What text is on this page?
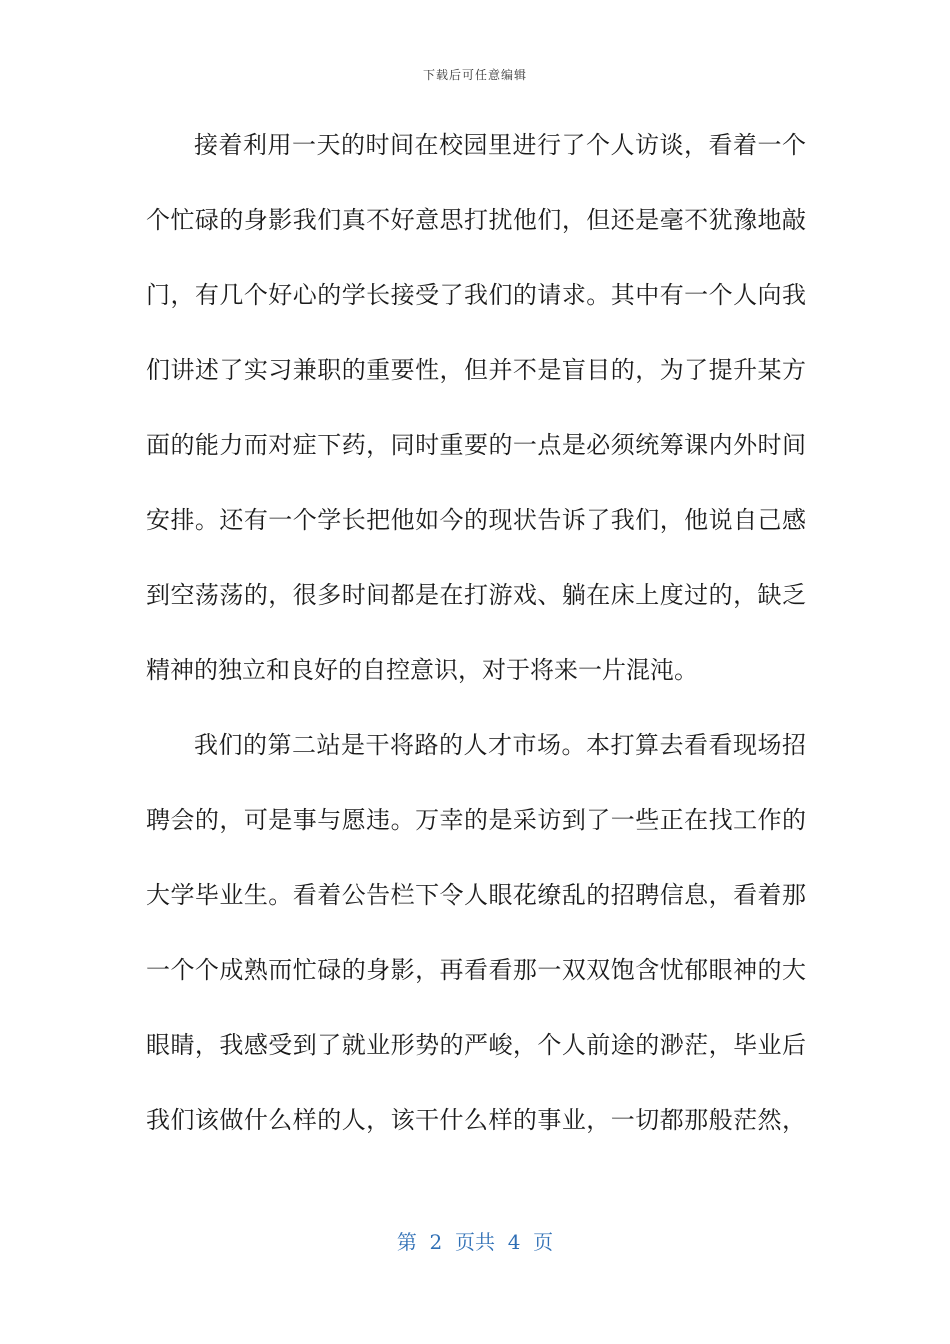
下载后可任意编辑
接着利用一天的时间在校园里进行了个人访谈，看着一个
个忙碌的身影我们真不好意思打扰他们，但还是毫不犹豫地敲
门，有几个好心的学长接受了我们的请求。其中有一个人向我
们讲述了实习兼职的重要性，但并不是盲目的，为了提升某方
面的能力而对症下药，同时重要的一点是必须统筹课内外时间
安排。还有一个学长把他如今的现状告诉了我们，他说自己感
到空荡荡的，很多时间都是在打游戏、躺在床上度过的，缺乏
精神的独立和良好的自控意识，对于将来一片混沌。
我们的第二站是干将路的人才市场。本打算去看看现场招
聘会的，可是事与愿违。万幸的是采访到了一些正在找工作的
大学毕业生。看着公告栏下令人眼花缭乱的招聘信息，看着那
一个个成熟而忙碌的身影，再看看那一双双饱含忧郁眼神的大
眼睛，我感受到了就业形势的严峻，个人前途的渺茫，毕业后
我们该做什么样的人，该干什么样的事业，一切都那般茫然，
第  2  页共  4  页
